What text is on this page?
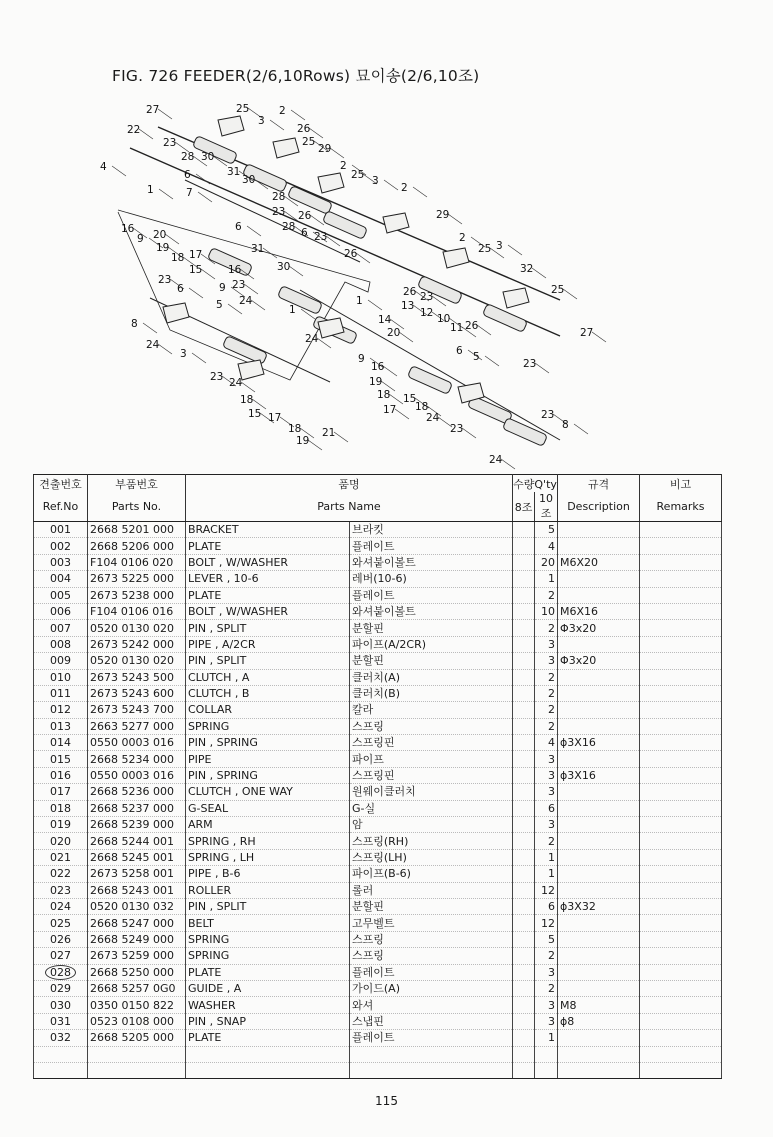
FIG. 726 FEEDER(2/6,10Rows) 묘이송(2/6,10조)
27	25	2
3
22	26
23	25
29
4
28 30
2
6	31
30	25 3
2
1	7	28
23 26	29
16
9 20
6	28 6 23	2
19
17	31	25 3
18
15 16
26
9
30	32
23
6	23
24
5
26 23
25
8
1
1	13
12 10
14
11 26
27
24
24
20
3	9
6 5
16	23
23 24	19
18 15
17 18
24
18
15 17
18 21
19
23
23
8
24
견출번호	부품번호	품명		수량Q'ty		규격	비고
Ref.No	Parts No.	Parts Name		8조	10조	Description	Remarks
001	2668 5201 000	BRACKET	브라킷		5		
002	2668 5206 000	PLATE	플레이트		4		
003	F104 0106 020	BOLT , W/WASHER	와셔붙이볼트		20	M6X20	
004	2673 5225 000	LEVER , 10-6	레버(10-6)		1		
005	2673 5238 000	PLATE	플레이트		2		
006	F104 0106 016	BOLT , W/WASHER	와셔붙이볼트		10	M6X16	
007	0520 0130 020	PIN , SPLIT	분할핀		2	Φ3x20	
008	2673 5242 000	PIPE , A/2CR	파이프(A/2CR)		3		
009	0520 0130 020	PIN , SPLIT	분할핀		3	Φ3x20	
010	2673 5243 500	CLUTCH , A	클러치(A)		2		
011	2673 5243 600	CLUTCH , B	클러치(B)		2		
012	2673 5243 700	COLLAR	칼라		2		
013	2663 5277 000	SPRING	스프링		2		
014	0550 0003 016	PIN , SPRING	스프링핀		4	ϕ3X16	
015	2668 5234 000	PIPE	파이프		3		
016	0550 0003 016	PIN , SPRING	스프링핀		3	ϕ3X16	
017	2668 5236 000	CLUTCH , ONE WAY	원웨이클러치		3		
018	2668 5237 000	G-SEAL	G-실		6		
019	2668 5239 000	ARM	암		3		
020	2668 5244 001	SPRING , RH	스프링(RH)		2		
021	2668 5245 001	SPRING , LH	스프링(LH)		1		
022	2673 5258 001	PIPE , B-6	파이프(B-6)		1		
023	2668 5243 001	ROLLER	롤러		12		
024	0520 0130 032	PIN , SPLIT	분할핀		6	ϕ3X32	
025	2668 5247 000	BELT	고무벨트		12		
026	2668 5249 000	SPRING	스프링		5		
027	2673 5259 000	SPRING	스프링		2		
028	2668 5250 000	PLATE	플레이트		3		
029	2668 5257 0G0	GUIDE , A	가이드(A)		2		
030	0350 0150 822	WASHER	와셔		3	M8	
031	0523 0108 000	PIN , SNAP	스냅핀		3	ϕ8	
032	2668 5205 000	PLATE	플레이트		1		

115
